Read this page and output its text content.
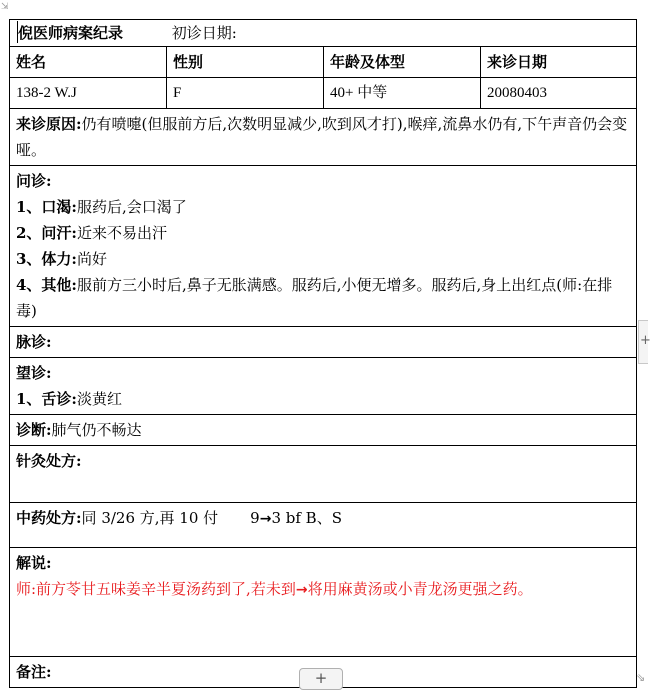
⇲
倪医师病案纪录 初诊日期:			
姓名	性别	年龄及体型	来诊日期
138-2 W.J	F	40+ 中等	20080403
来诊原因:仍有喷嚏(但服前方后,次数明显减少,吹到风才打),喉痒,流鼻水仍有,下午声音仍会变哑。			

问诊:
1、口渴:服药后,会口渴了
2、问汗:近来不易出汗
3、体力:尚好
4、其他:服前方三小时后,鼻子无胀满感。服药后,小便无增多。服药后,身上出红点(师:在排毒)			

脉诊:			

望诊:
1、舌诊:淡黄红			

诊断:肺气仍不畅达			

针灸处方:			

中药处方:同 3/26 方,再 10 付 9→3 bf B、S			

解说:
师:前方苓甘五味姜辛半夏汤药到了,若未到→将用麻黄汤或小青龙汤更强之药。			

备注:			
+
+	⇘
